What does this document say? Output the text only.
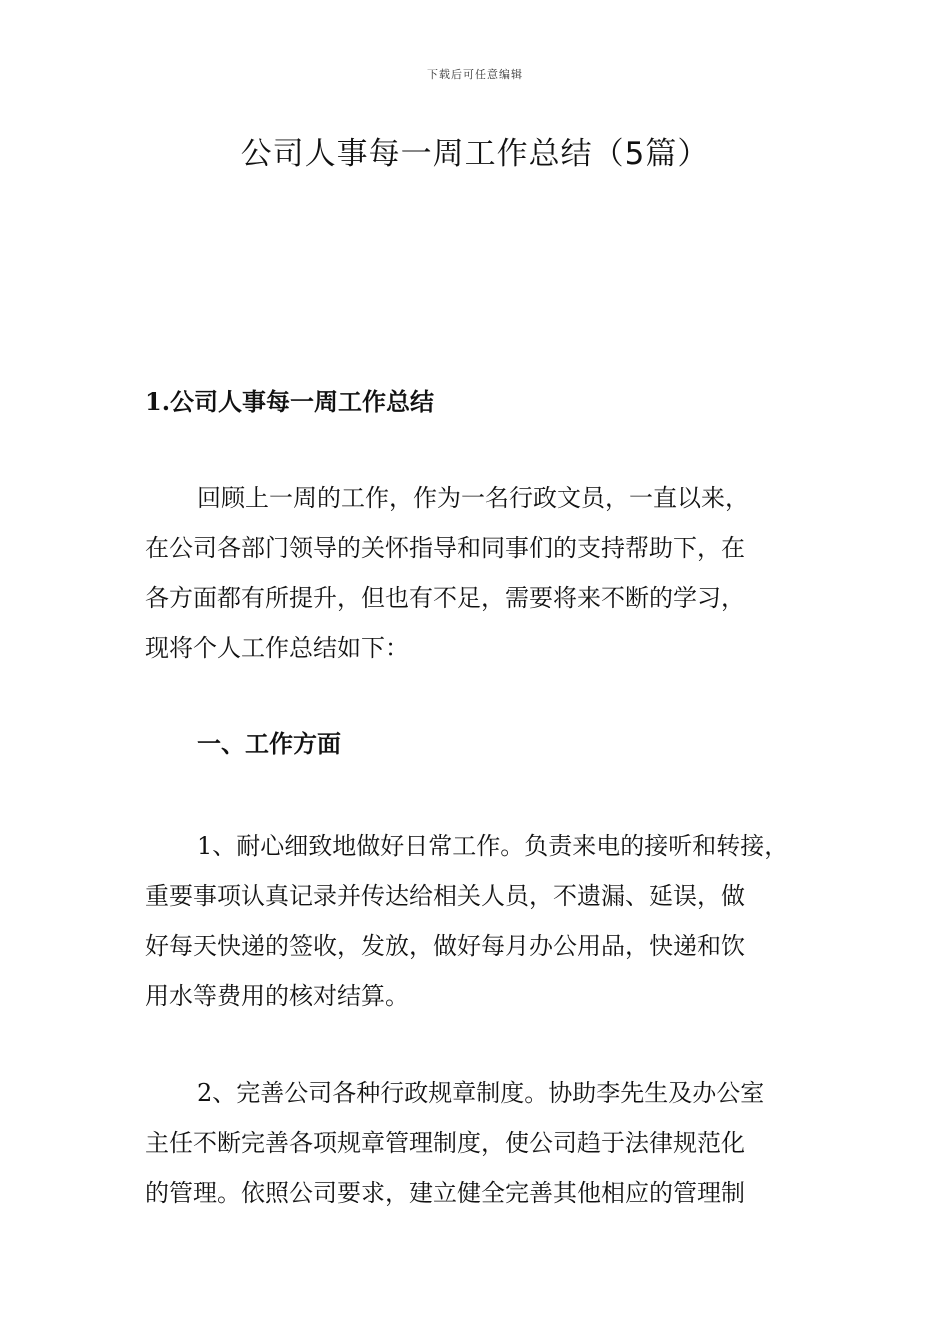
下载后可任意编辑
公司人事每一周工作总结（5篇）
1.公司人事每一周工作总结

回顾上一周的工作，作为一名行政文员，一直以来，
在公司各部门领导的关怀指导和同事们的支持帮助下，在
各方面都有所提升，但也有不足，需要将来不断的学习，
现将个人工作总结如下：

一、工作方面

1、耐心细致地做好日常工作。负责来电的接听和转接，
重要事项认真记录并传达给相关人员，不遗漏、延误，做
好每天快递的签收，发放，做好每月办公用品，快递和饮
用水等费用的核对结算。

2、完善公司各种行政规章制度。协助李先生及办公室
主任不断完善各项规章管理制度，使公司趋于法律规范化
的管理。依照公司要求，建立健全完善其他相应的管理制
